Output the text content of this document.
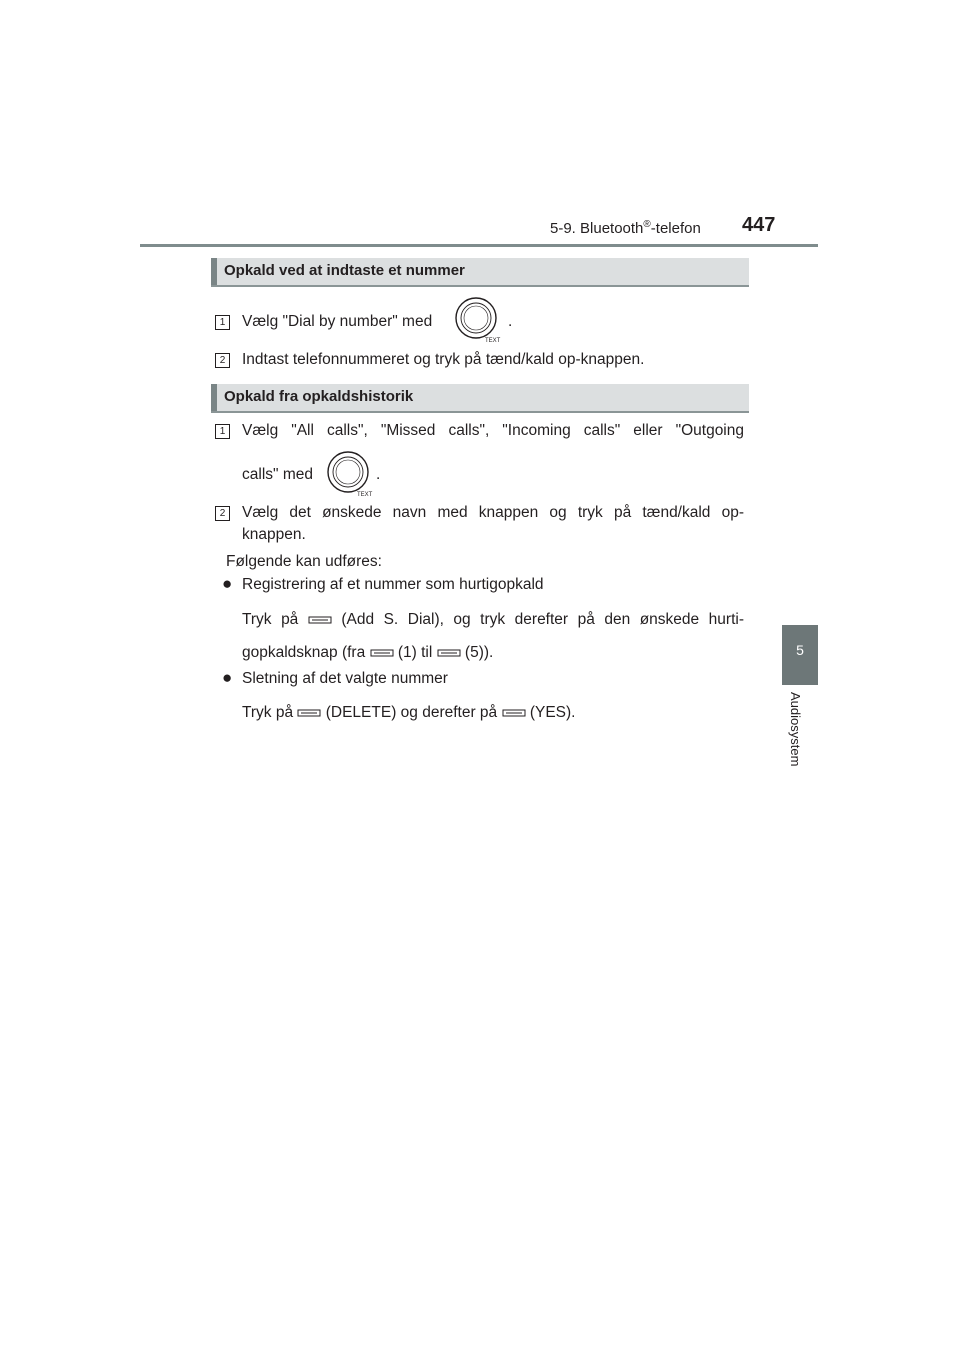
5-9. Bluetooth®-telefon 447
5
Audiosystem
Opkald ved at indtaste et nummer
1	Vælg "Dial by number" med
TEXT
.
2	Indtast telefonnummeret og tryk på tænd/kald op-knappen.
Opkald fra opkaldshistorik
1	Vælg "All calls", "Missed calls", "Incoming calls" eller "Outgoing
calls" med
TEXT
.
2	Vælg det ønskede navn med knappen og tryk på tænd/kald op-
knappen.
Følgende kan udføres:
● Registrering af et nummer som hurtigopkald
Tryk på	(Add S. Dial), og tryk derefter på den ønskede hurti-
gopkaldsknap (fra (1) til (5)).
● Sletning af det valgte nummer
Tryk på (DELETE) og derefter på (YES).
